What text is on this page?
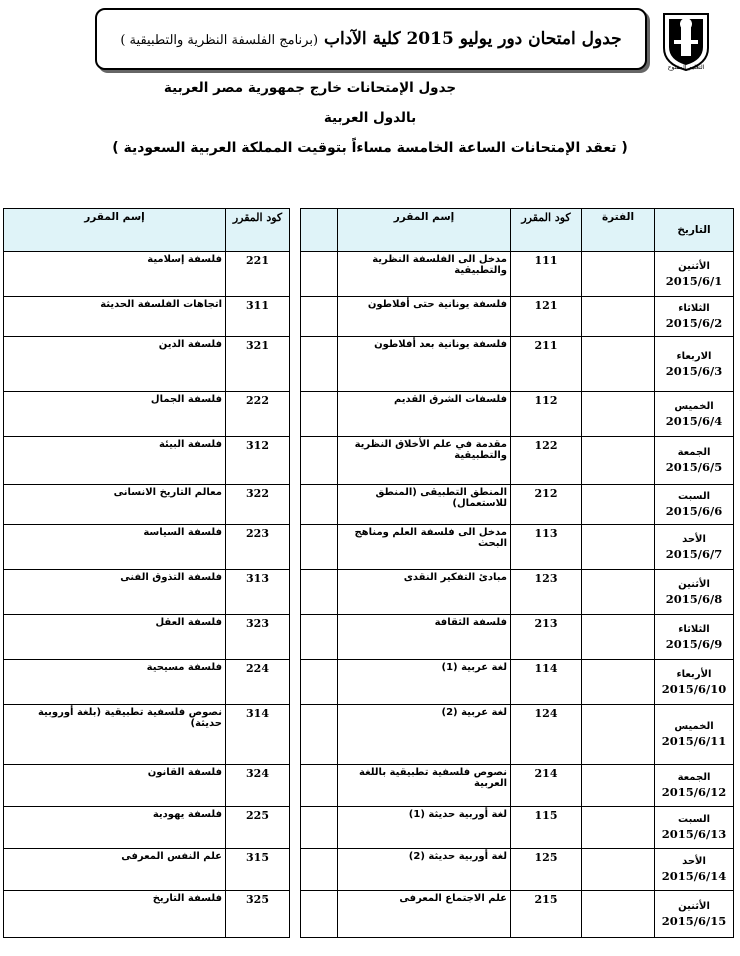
جدول امتحان دور يوليو 2015 كلية الآداب (برنامج الفلسفة النظرية والتطبيقية )
التعليم المفتوح
جدول الإمتحانات خارج جمهورية مصر العربية
بالدول العربية
( تعقد الإمتحانات الساعة الخامسة مساءاً بتوقيت المملكة العربية السعودية )
التاريخ	الفترة	كود المقرر	إسم المقرر	

الأثنين
2015/6/1		111	مدخل الى الفلسفة النظرية والتطبيقية	

الثلاثاء
2015/6/2		121	فلسفة يونانية حتى أفلاطون	

الاربعاء
2015/6/3		211	فلسفة يونانية بعد أفلاطون	

الخميس
2015/6/4		112	فلسفات الشرق القديم	

الجمعة
2015/6/5		122	مقدمة في علم الأخلاق النظرية والتطبيقية	

السبت
2015/6/6		212	المنطق التطبيقى (المنطق للاستعمال)	

الأحد
2015/6/7		113	مدخل الى فلسفة العلم ومناهج البحث	

الأثنين
2015/6/8		123	مبادئ التفكير النقدى	

الثلاثاء
2015/6/9		213	فلسفة الثقافة	

الأربعاء
2015/6/10		114	لغة عربية (1)	

الخميس
2015/6/11		124	لغة عربية (2)	

الجمعة
2015/6/12		214	نصوص فلسفية تطبيقية باللغة العربية	

السبت
2015/6/13		115	لغة أوربية حديثة (1)	

الأحد
2015/6/14		125	لغة أوربية حديثة (2)	

الأثنين
2015/6/15		215	علم الاجتماع المعرفى	
كود المقرر	إسم المقرر
221	فلسفة إسلامية
311	اتجاهات الفلسفة الحديثة
321	فلسفة الدين
222	فلسفة الجمال
312	فلسفة البيئة
322	معالم التاريخ الانسانى
223	فلسفة السياسة
313	فلسفة التذوق الفنى
323	فلسفة العقل
224	فلسفة مسيحية
314	نصوص فلسفية تطبيقية (بلغة أوروبية حديثة)
324	فلسفة القانون
225	فلسفة يهودية
315	علم النفس المعرفى
325	فلسفة التاريخ
